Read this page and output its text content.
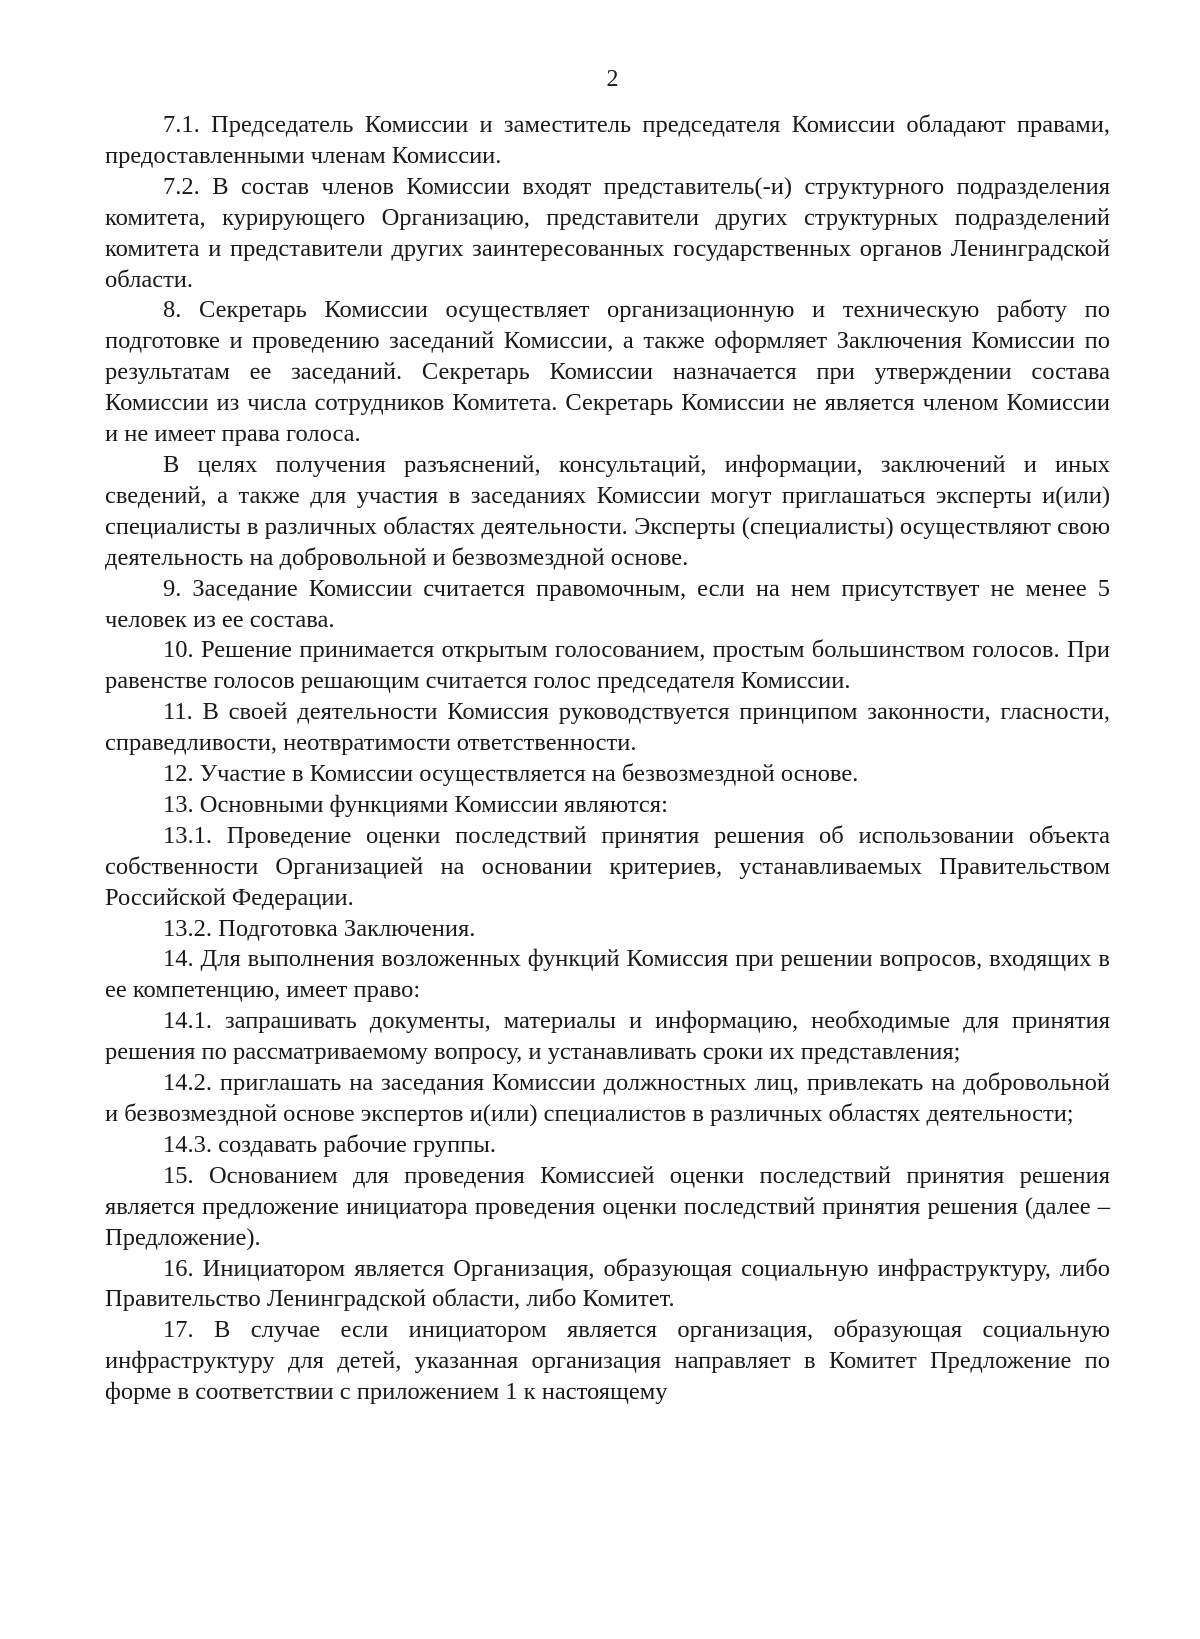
2

7.1. Председатель Комиссии и заместитель председателя Комиссии обладают правами, предоставленными членам Комиссии.

7.2. В состав членов Комиссии входят представитель(-и) структурного подразделения комитета, курирующего Организацию, представители других структурных подразделений комитета и представители других заинтересованных государственных органов Ленинградской области.

8. Секретарь Комиссии осуществляет организационную и техническую работу по подготовке и проведению заседаний Комиссии, а также оформляет Заключения Комиссии по результатам ее заседаний. Секретарь Комиссии назначается при утверждении состава Комиссии из числа сотрудников Комитета. Секретарь Комиссии не является членом Комиссии и не имеет права голоса.

В целях получения разъяснений, консультаций, информации, заключений и иных сведений, а также для участия в заседаниях Комиссии могут приглашаться эксперты и(или) специалисты в различных областях деятельности. Эксперты (специалисты) осуществляют свою деятельность на добровольной и безвозмездной основе.

9. Заседание Комиссии считается правомочным, если на нем присутствует не менее 5 человек из ее состава.

10. Решение принимается открытым голосованием, простым большинством голосов. При равенстве голосов решающим считается голос председателя Комиссии.

11. В своей деятельности Комиссия руководствуется принципом законности, гласности, справедливости, неотвратимости ответственности.

12. Участие в Комиссии осуществляется на безвозмездной основе.

13. Основными функциями Комиссии являются:

13.1. Проведение оценки последствий принятия решения об использовании объекта собственности Организацией на основании критериев, устанавливаемых Правительством Российской Федерации.

13.2. Подготовка Заключения.

14. Для выполнения возложенных функций Комиссия при решении вопросов, входящих в ее компетенцию, имеет право:

14.1. запрашивать документы, материалы и информацию, необходимые для принятия решения по рассматриваемому вопросу, и устанавливать сроки их представления;

14.2. приглашать на заседания Комиссии должностных лиц, привлекать на добровольной и безвозмездной основе экспертов и(или) специалистов в различных областях деятельности;

14.3. создавать рабочие группы.

15. Основанием для проведения Комиссией оценки последствий принятия решения является предложение инициатора проведения оценки последствий принятия решения (далее – Предложение).

16. Инициатором является Организация, образующая социальную инфраструктуру, либо Правительство Ленинградской области, либо Комитет.

17. В случае если инициатором является организация, образующая социальную инфраструктуру для детей, указанная организация направляет в Комитет Предложение по форме в соответствии с приложением 1 к настоящему
